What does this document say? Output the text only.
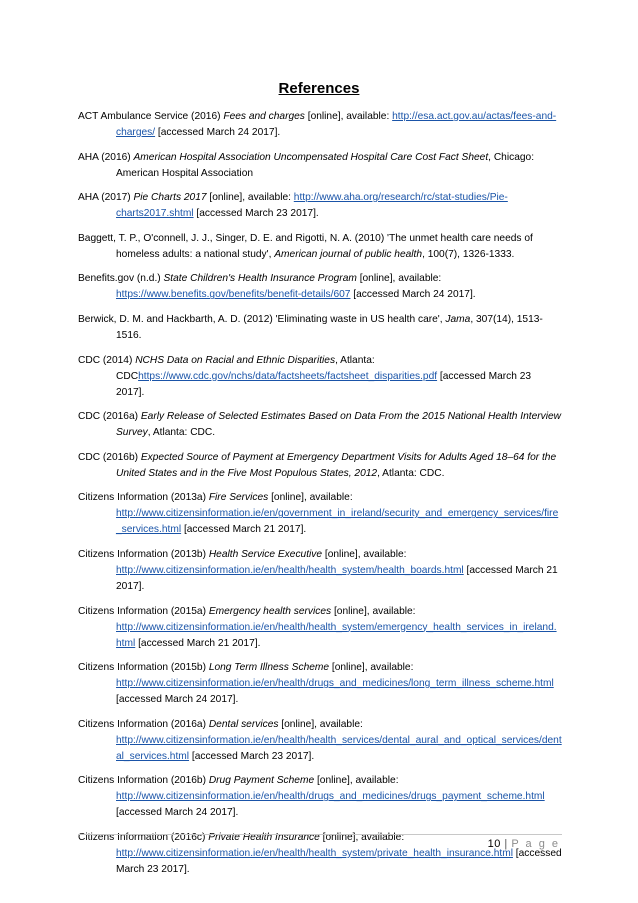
References

ACT Ambulance Service (2016) Fees and charges [online], available: http://esa.act.gov.au/actas/fees-and-charges/ [accessed March 24 2017].

AHA (2016) American Hospital Association Uncompensated Hospital Care Cost Fact Sheet, Chicago: American Hospital Association

AHA (2017) Pie Charts 2017 [online], available: http://www.aha.org/research/rc/stat-studies/Pie-charts2017.shtml [accessed March 23 2017].

Baggett, T. P., O'connell, J. J., Singer, D. E. and Rigotti, N. A. (2010) 'The unmet health care needs of homeless adults: a national study', American journal of public health, 100(7), 1326-1333.

Benefits.gov (n.d.) State Children's Health Insurance Program [online], available: https://www.benefits.gov/benefits/benefit-details/607 [accessed March 24 2017].

Berwick, D. M. and Hackbarth, A. D. (2012) 'Eliminating waste in US health care', Jama, 307(14), 1513-1516.

CDC (2014) NCHS Data on Racial and Ethnic Disparities, Atlanta: CDChttps://www.cdc.gov/nchs/data/factsheets/factsheet_disparities.pdf [accessed March 23 2017].

CDC (2016a) Early Release of Selected Estimates Based on Data From the 2015 National Health Interview Survey, Atlanta: CDC.

CDC (2016b) Expected Source of Payment at Emergency Department Visits for Adults Aged 18–64 for the United States and in the Five Most Populous States, 2012, Atlanta: CDC.

Citizens Information (2013a) Fire Services [online], available: http://www.citizensinformation.ie/en/government_in_ireland/security_and_emergency_services/fire_services.html [accessed March 21 2017].

Citizens Information (2013b) Health Service Executive [online], available: http://www.citizensinformation.ie/en/health/health_system/health_boards.html [accessed March 21 2017].

Citizens Information (2015a) Emergency health services [online], available: http://www.citizensinformation.ie/en/health/health_system/emergency_health_services_in_ireland.html [accessed March 21 2017].

Citizens Information (2015b) Long Term Illness Scheme [online], available: http://www.citizensinformation.ie/en/health/drugs_and_medicines/long_term_illness_scheme.html [accessed March 24 2017].

Citizens Information (2016a) Dental services [online], available: http://www.citizensinformation.ie/en/health/health_services/dental_aural_and_optical_services/dental_services.html [accessed March 23 2017].

Citizens Information (2016b) Drug Payment Scheme [online], available: http://www.citizensinformation.ie/en/health/drugs_and_medicines/drugs_payment_scheme.html [accessed March 24 2017].

Citizens Information (2016c) Private Health Insurance [online], available: http://www.citizensinformation.ie/en/health/health_system/private_health_insurance.html [accessed March 23 2017].

10 | P a g e
